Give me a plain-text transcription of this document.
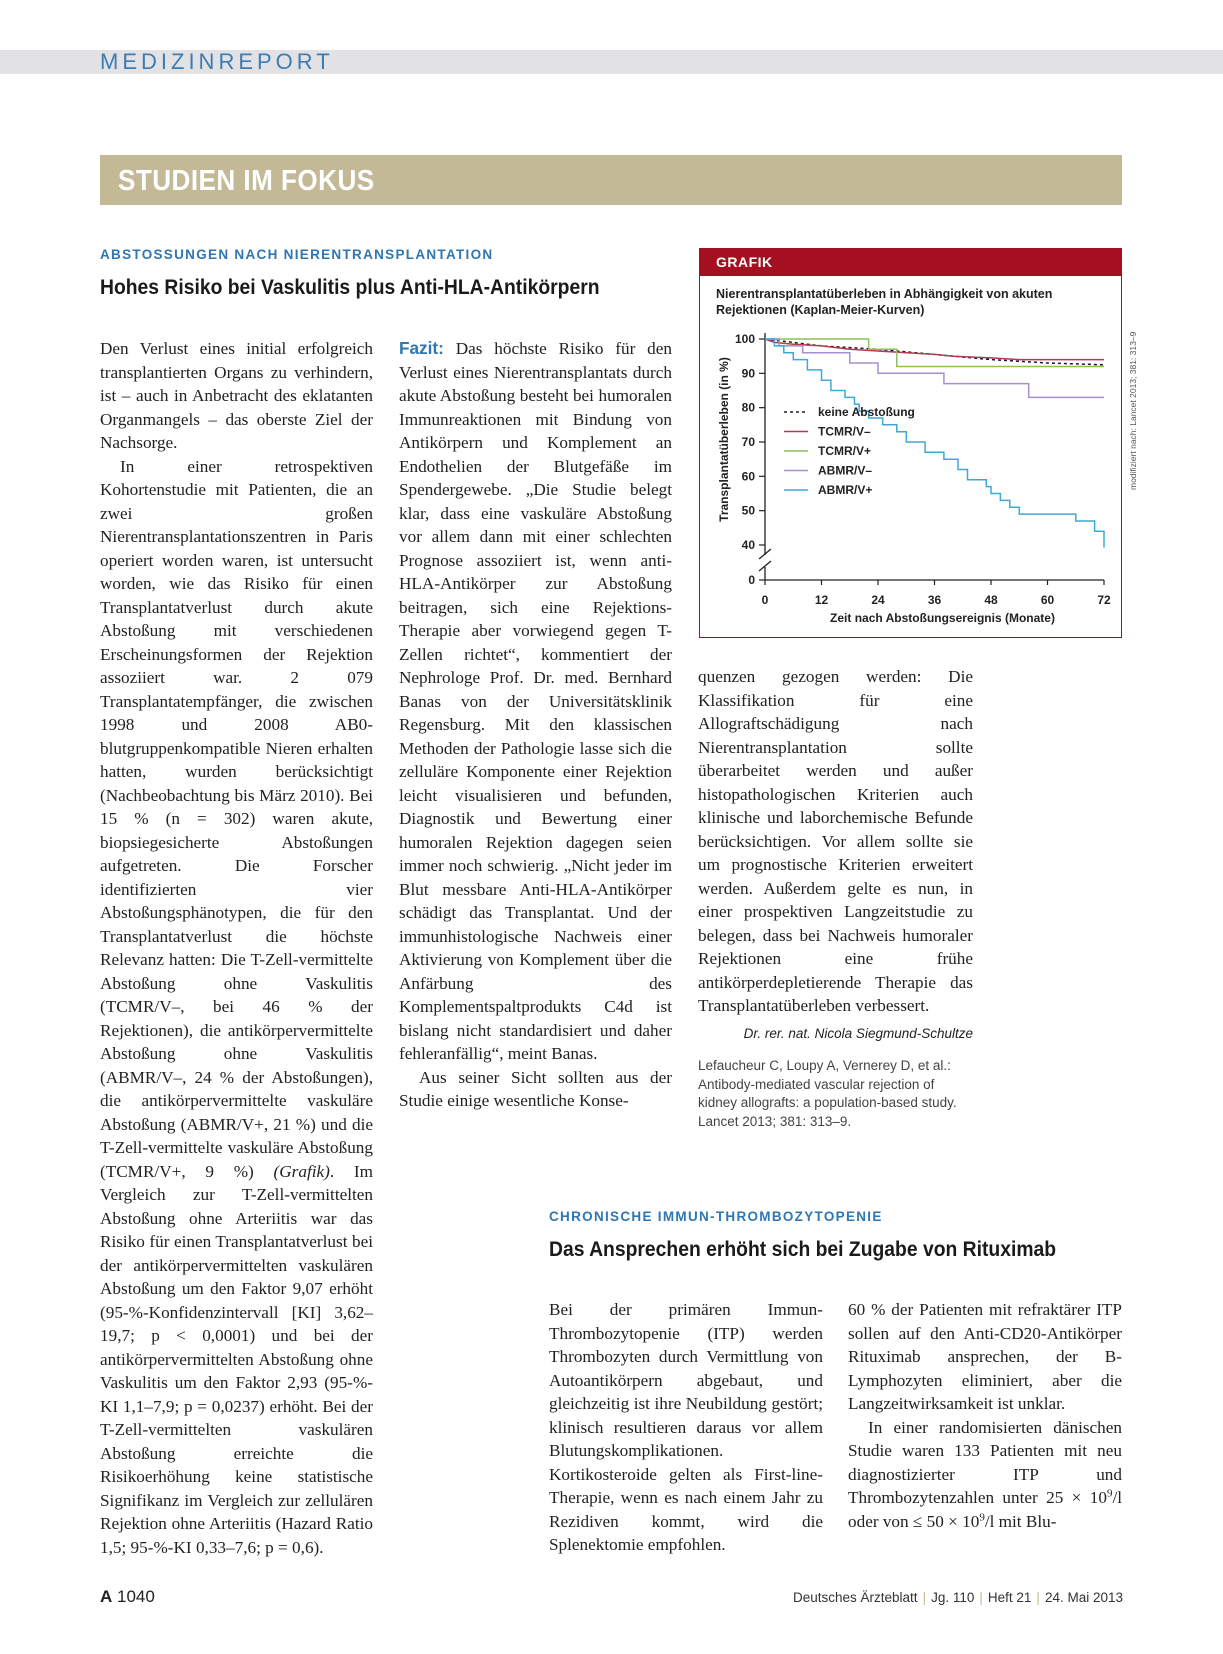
MEDIZINREPORT
STUDIEN IM FOKUS
ABSTOSSUNGEN NACH NIERENTRANSPLANTATION
Hohes Risiko bei Vaskulitis plus Anti-HLA-Antikörpern

Den Verlust eines initial erfolgreich transplantierten Organs zu verhindern, ist – auch in Anbetracht des eklatanten Organmangels – das oberste Ziel der Nachsorge.

In einer retrospektiven Kohortenstudie mit Patienten, die an zwei großen Nierentransplantationszentren in Paris operiert worden waren, ist untersucht worden, wie das Risiko für einen Transplantatverlust durch akute Abstoßung mit verschiedenen Erscheinungsformen der Rejektion assoziiert war. 2 079 Transplantatempfänger, die zwischen 1998 und 2008 AB0-blutgruppenkompatible Nieren erhalten hatten, wurden berücksichtigt (Nachbeobachtung bis März 2010). Bei 15 % (n = 302) waren akute, biopsiegesicherte Abstoßungen aufgetreten. Die Forscher identifizierten vier Abstoßungsphänotypen, die für den Transplantatverlust die höchste Relevanz hatten: Die T-Zell-vermittelte Abstoßung ohne Vaskulitis (TCMR/V–, bei 46 % der Rejektionen), die antikörpervermittelte Abstoßung ohne Vaskulitis (ABMR/V–, 24 % der Abstoßungen), die antikörpervermittelte vaskuläre Abstoßung (ABMR/V+, 21 %) und die T-Zell-vermittelte vaskuläre Abstoßung (TCMR/V+, 9 %) (Grafik). Im Vergleich zur T-Zell-vermittelten Abstoßung ohne Arteriitis war das Risiko für einen Transplantatverlust bei der antikörpervermittelten vaskulären Abstoßung um den Faktor 9,07 erhöht (95-%-Konfidenzintervall [KI] 3,62–19,7; p < 0,0001) und bei der antikörpervermittelten Abstoßung ohne Vaskulitis um den Faktor 2,93 (95-%-KI 1,1–7,9; p = 0,0237) erhöht. Bei der T-Zell-vermittelten vaskulären Abstoßung erreichte die Risikoerhöhung keine statistische Signifikanz im Vergleich zur zellulären Rejektion ohne Arteriitis (Hazard Ratio 1,5; 95-%-KI 0,33–7,6; p = 0,6).

Fazit: Das höchste Risiko für den Verlust eines Nierentransplantats durch akute Abstoßung besteht bei humoralen Immunreaktionen mit Bindung von Antikörpern und Komplement an Endothelien der Blutgefäße im Spendergewebe. „Die Studie belegt klar, dass eine vaskuläre Abstoßung vor allem dann mit einer schlechten Prognose assoziiert ist, wenn anti-HLA-Antikörper zur Abstoßung beitragen, sich eine Rejektions-Therapie aber vorwiegend gegen T-Zellen richtet“, kommentiert der Nephrologe Prof. Dr. med. Bernhard Banas von der Universitätsklinik Regensburg. Mit den klassischen Methoden der Pathologie lasse sich die zelluläre Komponente einer Rejektion leicht visualisieren und befunden, Diagnostik und Bewertung einer humoralen Rejektion dagegen seien immer noch schwierig. „Nicht jeder im Blut messbare Anti-HLA-Antikörper schädigt das Transplantat. Und der immunhistologische Nachweis einer Aktivierung von Komplement über die Anfärbung des Komplementspaltprodukts C4d ist bislang nicht standardisiert und daher fehleranfällig“, meint Banas.

Aus seiner Sicht sollten aus der Studie einige wesentliche Konse-

GRAFIK
Nierentransplantatüberleben in Abhängigkeit von akuten Rejektionen (Kaplan-Meier-Kurven)
0
40
50
60
70
80
90
100
0	12	24	36	48	60	72
Zeit nach Abstoßungsereignis (Monate)
Transplantatüberleben (in %)	keine Abstoßung
TCMR/V–
TCMR/V+
ABMR/V–
ABMR/V+	modifiziert nach: Lancet 2013; 381: 313–9

quenzen gezogen werden: Die Klassifikation für eine Allograftschädigung nach Nierentransplantation sollte überarbeitet werden und außer histopathologischen Kriterien auch klinische und laborchemische Befunde berücksichtigen. Vor allem sollte sie um prognostische Kriterien erweitert werden. Außerdem gelte es nun, in einer prospektiven Langzeitstudie zu belegen, dass bei Nachweis humoraler Rejektionen eine frühe antikörperdepletierende Therapie das Transplantatüberleben verbessert.

Dr. rer. nat. Nicola Siegmund-Schultze
Lefaucheur C, Loupy A, Vernerey D, et al.: Antibody-mediated vascular rejection of kidney allografts: a population-based study. Lancet 2013; 381: 313–9.
CHRONISCHE IMMUN-THROMBOZYTOPENIE
Das Ansprechen erhöht sich bei Zugabe von Rituximab

Bei der primären Immun-Thrombozytopenie (ITP) werden Thrombozyten durch Vermittlung von Autoantikörpern abgebaut, und gleichzeitig ist ihre Neubildung gestört; klinisch resultieren daraus vor allem Blutungskomplikationen. Kortikosteroide gelten als First-line-Therapie, wenn es nach einem Jahr zu Rezidiven kommt, wird die Splenektomie empfohlen.

60 % der Patienten mit refraktärer ITP sollen auf den Anti-CD20-Antikörper Rituximab ansprechen, der B-Lymphozyten eliminiert, aber die Langzeitwirksamkeit ist unklar.

In einer randomisierten dänischen Studie waren 133 Patienten mit neu diagnostizierter ITP und Thrombozytenzahlen unter $25 \times 10^9/l$ oder von ≤ $50 \times 10^9/l$ mit Blu-

A 1040	Deutsches Ärzteblatt | Jg. 110 | Heft 21 | 24. Mai 2013
